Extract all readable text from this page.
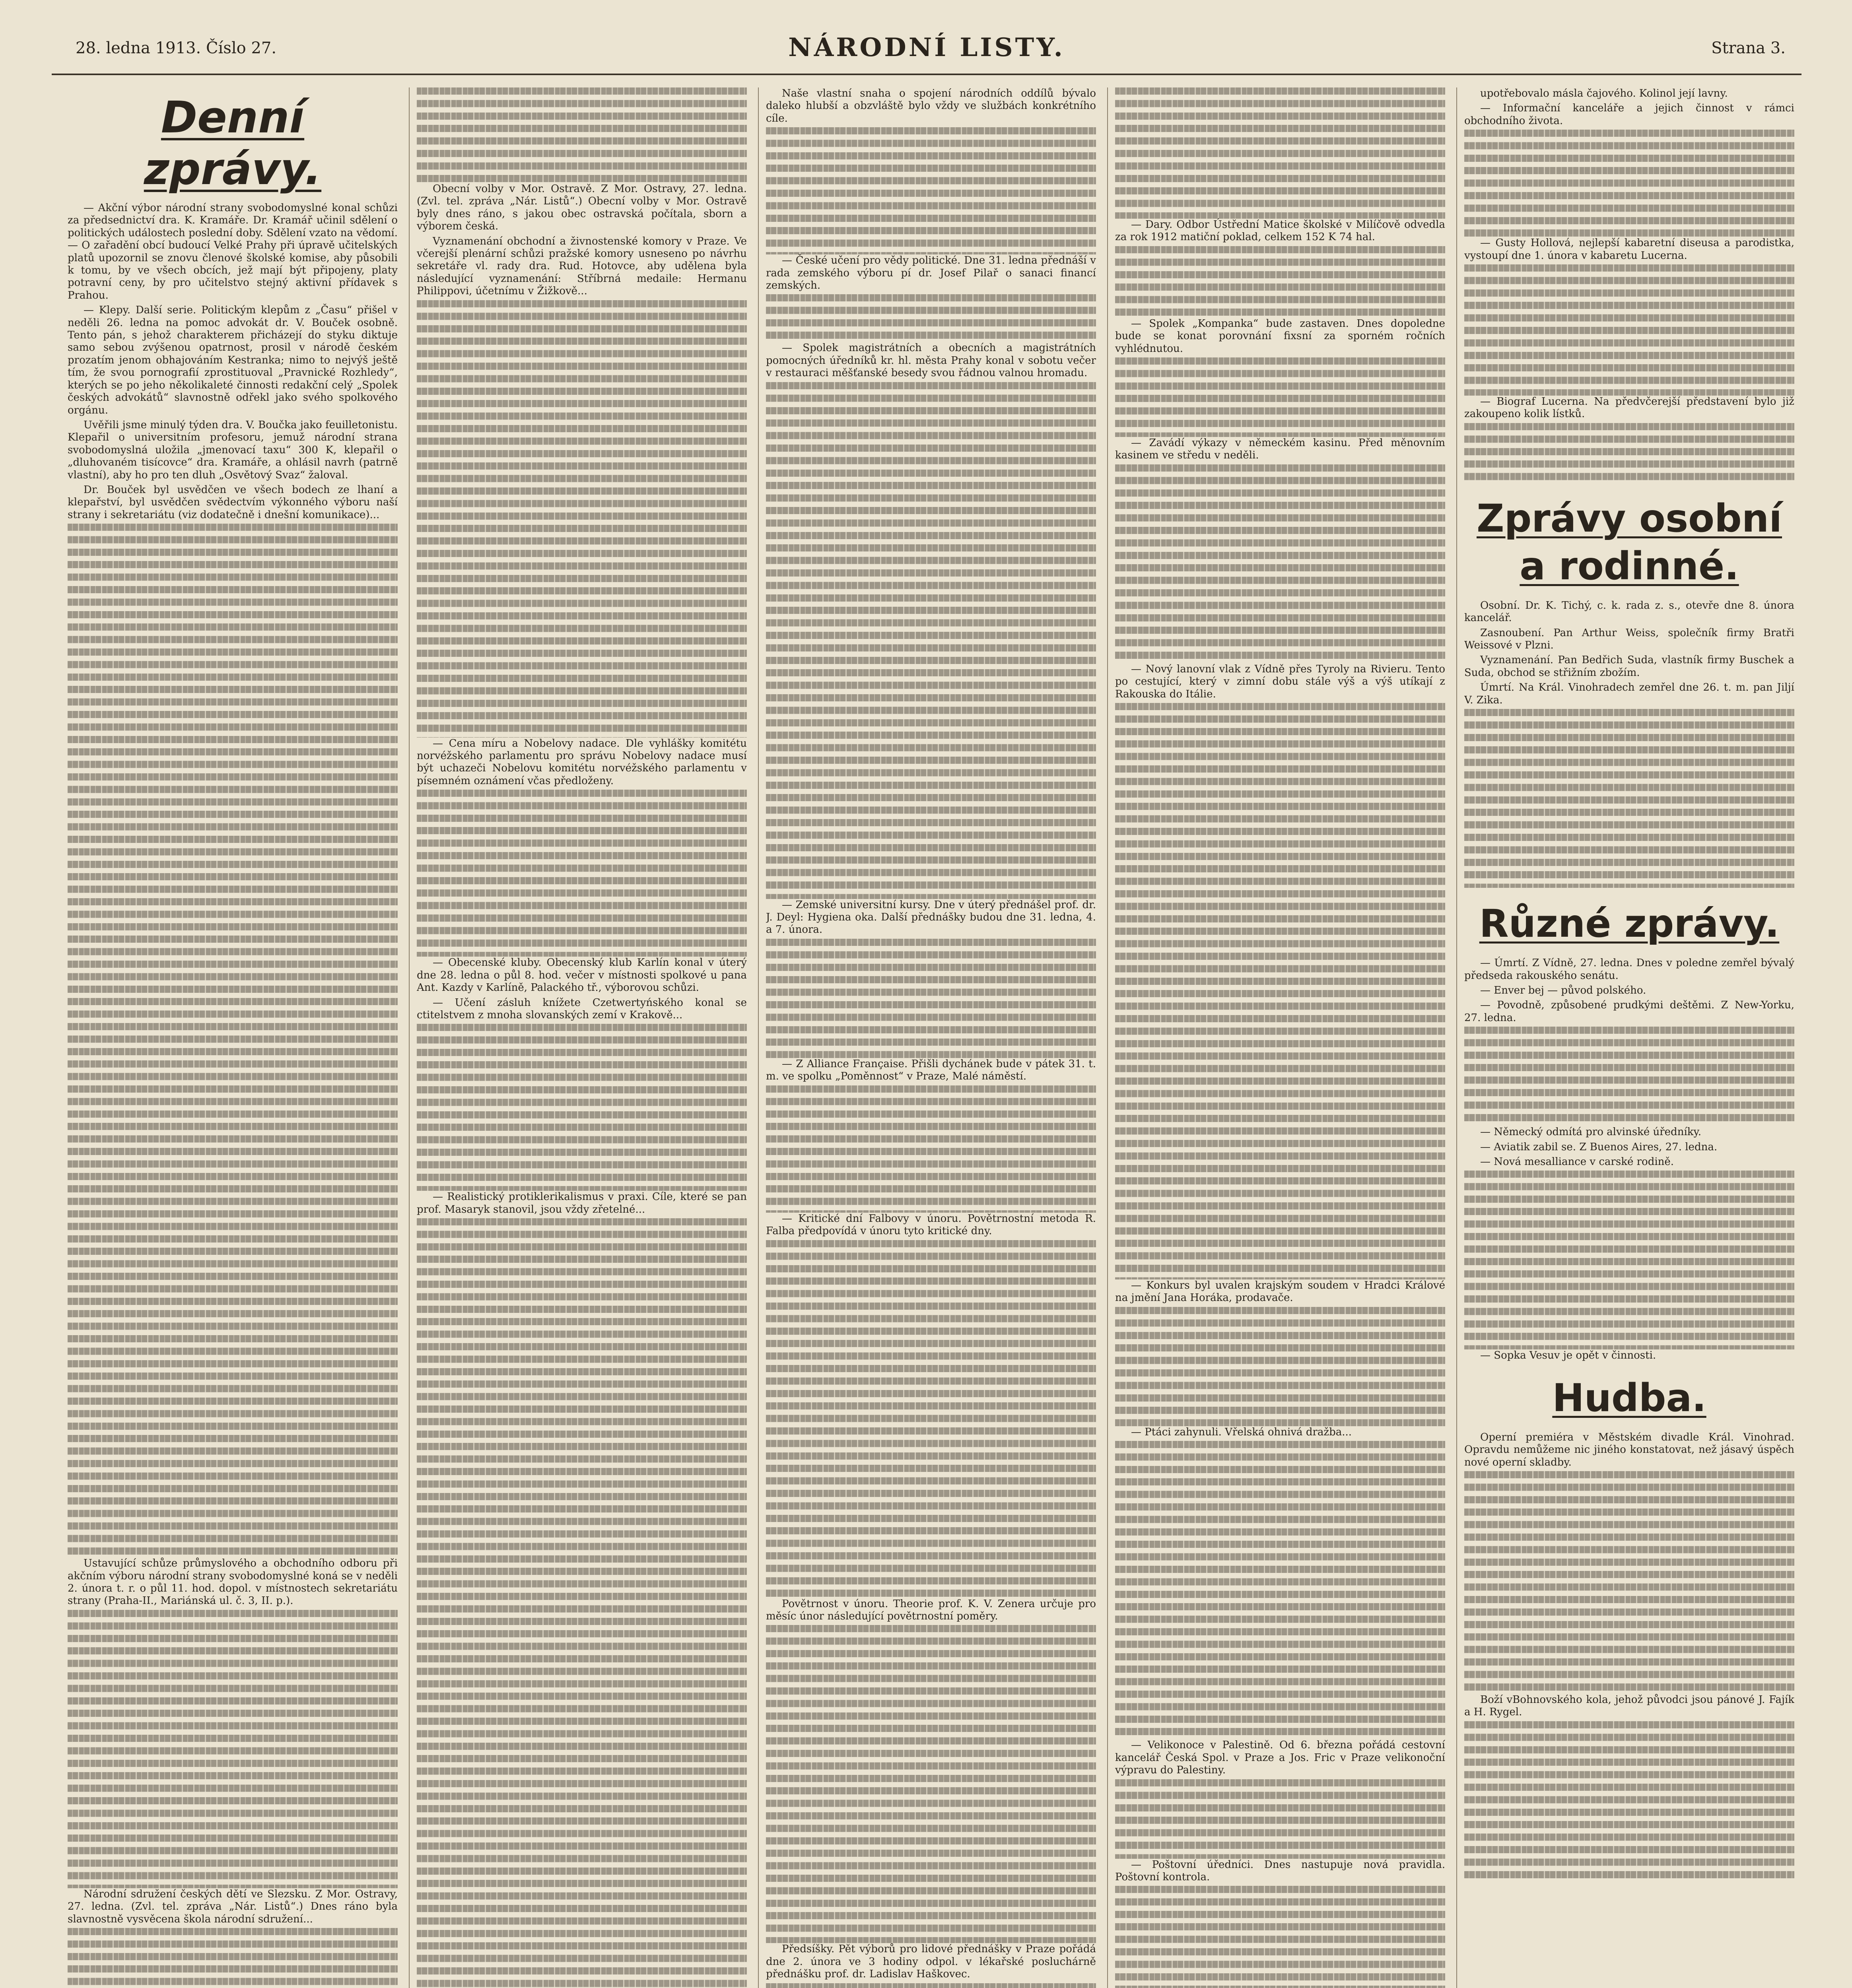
28. ledna 1913. Číslo 27.	NÁRODNÍ LISTY.	Strana 3.
Denní zprávy.

— Akční výbor národní strany svobodomyslné konal schůzi za předsednictví dra. K. Kramáře. Dr. Kramář učinil sdělení o politických událostech poslední doby. Sdělení vzato na vědomí. — O zařadění obcí budoucí Velké Prahy při úpravě učitelských platů upozornil se znovu členové školské komise, aby působili k tomu, by ve všech obcích, jež mají být připojeny, platy potravní ceny, by pro učitelstvo stejný aktivní přídavek s Prahou.

— Klepy. Další serie. Politickým klepům z „Času“ přišel v neděli 26. ledna na pomoc advokát dr. V. Bouček osobně. Tento pán, s jehož charakterem přicházejí do styku diktuje samo sebou zvýšenou opatrnost, prosil v národě českém prozatím jenom obhajováním Kestranka; nimo to nejvýš ještě tím, že svou pornografií zprostituoval „Pravnické Rozhledy“, kterých se po jeho několikaleté činnosti redakční celý „Spolek českých advokátů“ slavnostně odřekl jako svého spolkového orgánu.

Uvěřili jsme minulý týden dra. V. Boučka jako feuilletonistu. Klepařil o universitním profesoru, jemuž národní strana svobodomyslná uložila „jmenovací taxu“ 300 K, klepařil o „dluhovaném tisícovce“ dra. Kramáře, a ohlásil navrh (patrně vlastní), aby ho pro ten dluh „Osvětový Svaz“ žaloval.

Dr. Bouček byl usvědčen ve všech bodech ze lhaní a klepařství, byl usvědčen svědectvím výkonného výboru naší strany i sekretariátu (viz dodatečně i dnešní komunikace)...

Ustavující schůze průmyslového a obchodního odboru při akčním výboru národní strany svobodomyslné koná se v neděli 2. února t. r. o půl 11. hod. dopol. v místnostech sekretariátu strany (Praha-II., Mariánská ul. č. 3, II. p.).

Národní sdružení českých dětí ve Slezsku. Z Mor. Ostravy, 27. ledna. (Zvl. tel. zpráva „Nár. Listů“.) Dnes ráno byla slavnostně vysvěcena škola národní sdružení...

Obecní volby v Mor. Ostravě. Z Mor. Ostravy, 27. ledna. (Zvl. tel. zpráva „Nár. Listů“.) Obecní volby v Mor. Ostravě byly dnes ráno, s jakou obec ostravská počítala, sborn a výborem česká.

Vyznamenání obchodní a živnostenské komory v Praze. Ve včerejší plenární schůzi pražské komory usneseno po návrhu sekretáře vl. rady dra. Rud. Hotovce, aby udělena byla následující vyznamenání: Stříbrná medaile: Hermanu Philippovi, účetnímu v Žižkově...

— Cena míru a Nobelovy nadace. Dle vyhlášky komitétu norvéžského parlamentu pro správu Nobelovy nadace musí být uchazeči Nobelovu komitétu norvéžského parlamentu v písemném oznámení včas předloženy.

— Obecenské kluby. Obecenský klub Karlín konal v úterý dne 28. ledna o půl 8. hod. večer v místnosti spolkové u pana Ant. Kazdy v Karlíně, Palackého tř., výborovou schůzi.

— Učení zásluh knížete Czetwertyńského konal se ctitelstvem z mnoha slovanských zemí v Krakově...

— Realistický protiklerikalismus v praxi. Cíle, které se pan prof. Masaryk stanovil, jsou vždy zřetelné...

Naše vlastní snaha o spojení národních oddílů bývalo daleko hlubší a obzvláště bylo vždy ve službách konkrétního cíle.

— České učení pro vědy politické. Dne 31. ledna přednáší v rada zemského výboru pí dr. Josef Pilař o sanaci financí zemských.

— Spolek magistrátních a obecních a magistrátních pomocných úředníků kr. hl. města Prahy konal v sobotu večer v restauraci měšťanské besedy svou řádnou valnou hromadu.

— Zemské universitní kursy. Dne v úterý přednášel prof. dr. J. Deyl: Hygiena oka. Další přednášky budou dne 31. ledna, 4. a 7. února.

— Z Alliance Française. Přišli dychánek bude v pátek 31. t. m. ve spolku „Poměnnost“ v Praze, Malé náměstí.

— Kritické dní Falbovy v únoru. Povětrnostní metoda R. Falba předpovídá v únoru tyto kritické dny.

Povětrnost v únoru. Theorie prof. K. V. Zenera určuje pro měsíc únor následující povětrnostní poměry.

Předsíšky. Pět výborů pro lidové přednášky v Praze pořádá dne 2. února ve 3 hodiny odpol. v lékařské posluchárně přednášku prof. dr. Ladislav Haškovec.

— Dary. Odbor Ústřední Matice školské v Milíčově odvedla za rok 1912 matiční poklad, celkem 152 K 74 hal.

— Spolek „Kompanka“ bude zastaven. Dnes dopoledne bude se konat porovnání fixsní za sporném ročních vyhlédnutou.

— Zavádí výkazy v německém kasinu. Před měnovním kasinem ve středu v neděli.

— Nový lanovní vlak z Vídně přes Tyroly na Rivieru. Tento po cestující, který v zimní dobu stále výš a výš utíkají z Rakouska do Itálie.

— Konkurs byl uvalen krajským soudem v Hradci Králové na jmění Jana Horáka, prodavače.

— Ptáci zahynuli. Vřelská ohnivá dražba...

— Velikonoce v Palestině. Od 6. března pořádá cestovní kancelář Česká Spol. v Praze a Jos. Fric v Praze velikonoční výpravu do Palestiny.

— Poštovní úředníci. Dnes nastupuje nová pravidla. Poštovní kontrola.

upotřebovalo másla čajového. Kolinol její lavny.

— Informační kanceláře a jejich činnost v rámci obchodního života.

— Gusty Hollová, nejlepší kabaretní diseusa a parodistka, vystoupí dne 1. února v kabaretu Lucerna.

— Biograf Lucerna. Na předvčerejší představení bylo již zakoupeno kolik lístků.

Zprávy osobní a rodinné.

Osobní. Dr. K. Tichý, c. k. rada z. s., otevře dne 8. února kancelář.

Zasnoubení. Pan Arthur Weiss, společník firmy Bratři Weissové v Plzni.

Vyznamenání. Pan Bedřich Suda, vlastník firmy Buschek a Suda, obchod se střižním zbožím.

Úmrtí. Na Král. Vinohradech zemřel dne 26. t. m. pan Jiljí V. Zika.

Různé zprávy.

— Úmrtí. Z Vídně, 27. ledna. Dnes v poledne zemřel bývalý předseda rakouského senátu.

— Enver bej — původ polského.

— Povodně, způsobené prudkými deštěmi. Z New-Yorku, 27. ledna.

— Německý odmítá pro alvinské úředníky.

— Aviatik zabil se. Z Buenos Aires, 27. ledna.

— Nová mesalliance v carské rodině.

— Sopka Vesuv je opět v činnosti.

Hudba.

Operní premiéra v Městském divadle Král. Vinohrad. Opravdu nemůžeme nic jiného konstatovat, než jásavý úspěch nové operní skladby.

Boží vBohnovského kola, jehož původci jsou pánové J. Fajík a H. Rygel.
